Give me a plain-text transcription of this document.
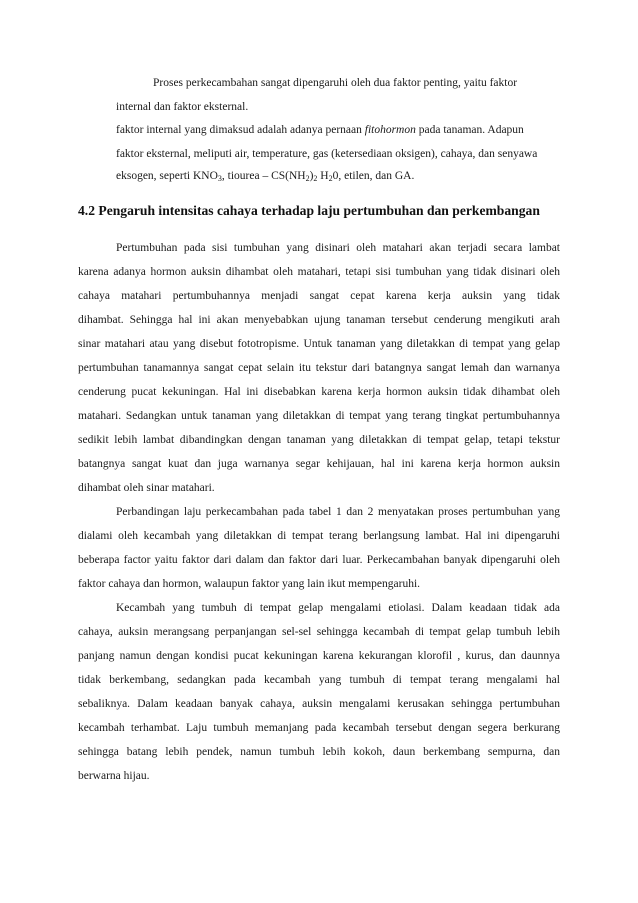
Proses perkecambahan sangat dipengaruhi oleh dua faktor penting, yaitu faktor
internal dan faktor eksternal.
faktor internal yang dimaksud adalah adanya pernaan fitohormon pada tanaman. Adapun
faktor eksternal, meliputi air, temperature, gas (ketersediaan oksigen), cahaya, dan senyawa
eksogen, seperti $KNO_3$, tiourea – $CS(NH_2)_2$ $H_20$, etilen, dan GA.
4.2 Pengaruh intensitas cahaya terhadap laju pertumbuhan dan perkembangan
Pertumbuhan pada sisi tumbuhan yang disinari oleh matahari akan terjadi secara lambat
karena adanya hormon auksin dihambat oleh matahari, tetapi sisi tumbuhan yang tidak disinari oleh
cahaya matahari pertumbuhannya menjadi sangat cepat karena kerja auksin yang tidak
dihambat. Sehingga hal ini akan menyebabkan ujung tanaman tersebut cenderung mengikuti arah
sinar matahari atau yang disebut fototropisme. Untuk tanaman yang diletakkan di tempat yang gelap
pertumbuhan tanamannya sangat cepat selain itu tekstur dari batangnya sangat lemah dan warnanya
cenderung pucat kekuningan. Hal ini disebabkan karena kerja hormon auksin tidak dihambat oleh
matahari. Sedangkan untuk tanaman yang diletakkan di tempat yang terang tingkat pertumbuhannya
sedikit lebih lambat dibandingkan dengan tanaman yang diletakkan di tempat gelap, tetapi tekstur
batangnya sangat kuat dan juga warnanya segar kehijauan, hal ini karena kerja hormon auksin
dihambat oleh sinar matahari.
Perbandingan laju perkecambahan pada tabel 1 dan 2 menyatakan proses pertumbuhan yang
dialami oleh kecambah yang diletakkan di tempat terang berlangsung lambat. Hal ini dipengaruhi
beberapa factor yaitu faktor dari dalam dan faktor dari luar. Perkecambahan banyak dipengaruhi oleh
faktor cahaya dan hormon, walaupun faktor yang lain ikut mempengaruhi.
Kecambah yang tumbuh di tempat gelap mengalami etiolasi. Dalam keadaan tidak ada
cahaya, auksin merangsang perpanjangan sel-sel sehingga kecambah di tempat gelap tumbuh lebih
panjang namun dengan kondisi pucat kekuningan karena kekurangan klorofil , kurus, dan daunnya
tidak berkembang, sedangkan pada kecambah yang tumbuh di tempat terang mengalami hal
sebaliknya. Dalam keadaan banyak cahaya, auksin mengalami kerusakan sehingga pertumbuhan
kecambah terhambat. Laju tumbuh memanjang pada kecambah tersebut dengan segera berkurang
sehingga batang lebih pendek, namun tumbuh lebih kokoh, daun berkembang sempurna, dan
berwarna hijau.
